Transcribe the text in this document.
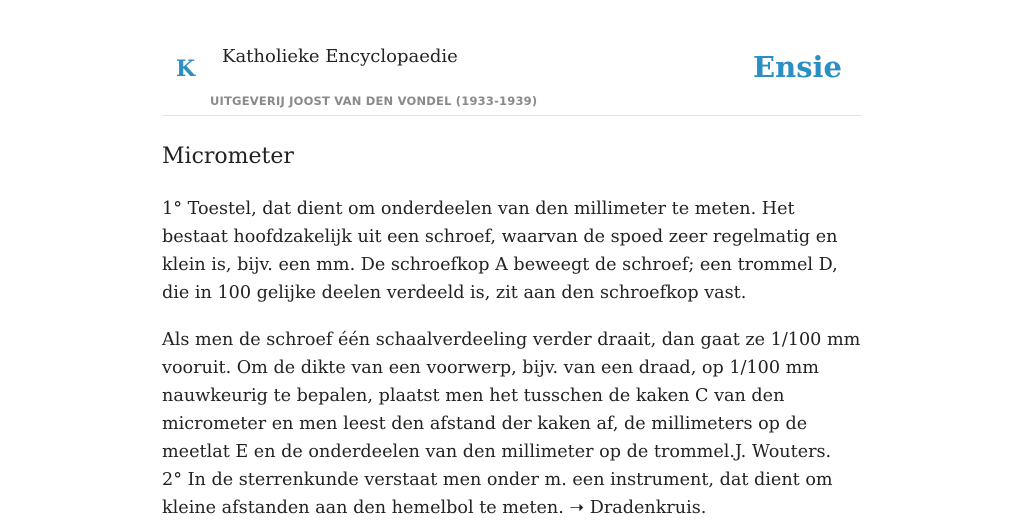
K Katholieke Encyclopaedie
UITGEVERIJ JOOST VAN DEN VONDEL (1933-1939)
Ensie
Micrometer

1° Toestel, dat dient om onderdeelen van den millimeter te meten. Het bestaat hoofdzakelijk uit een schroef, waarvan de spoed zeer regelmatig en klein is, bijv. een mm. De schroefkop A beweegt de schroef; een trommel D, die in 100 gelijke deelen verdeeld is, zit aan den schroefkop vast.

Als men de schroef één schaalverdeeling verder draait, dan gaat ze 1/100 mm vooruit. Om de dikte van een voorwerp, bijv. van een draad, op 1/100 mm nauwkeurig te bepalen, plaatst men het tusschen de kaken C van den micrometer en men leest den afstand der kaken af, de millimeters op de meetlat E en de onderdeelen van den millimeter op de trommel.J. Wouters.

2° In de sterrenkunde verstaat men onder m. een instrument, dat dient om kleine afstanden aan den hemelbol te meten. ➝ Dradenkruis.
